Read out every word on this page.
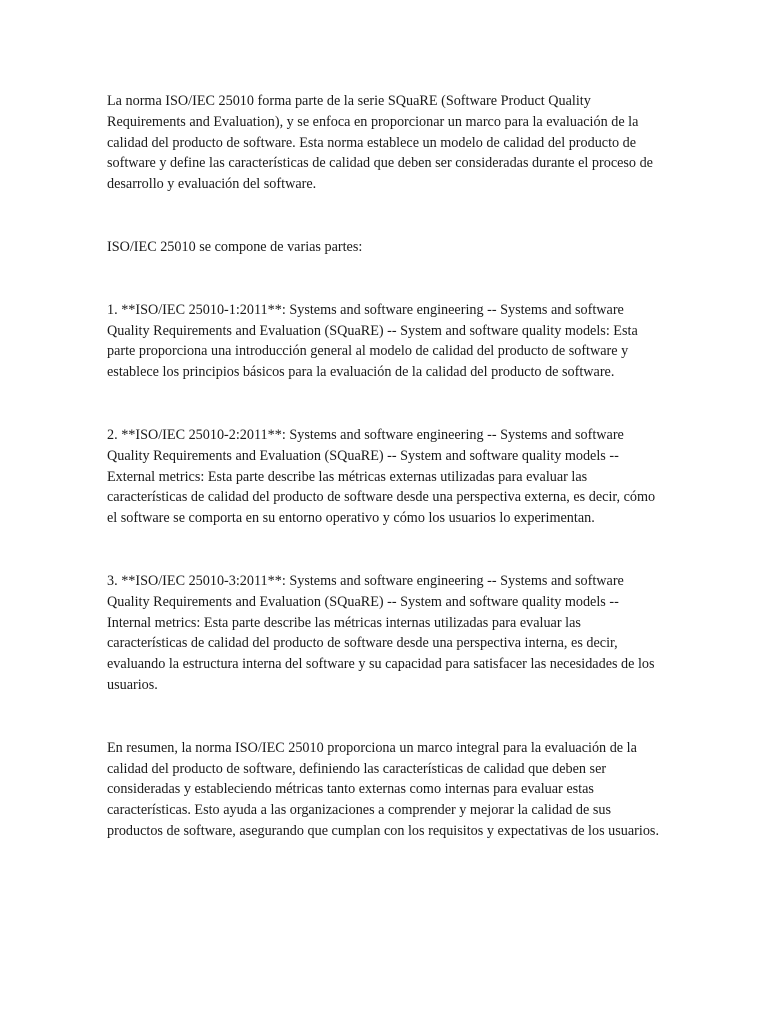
La norma ISO/IEC 25010 forma parte de la serie SQuaRE (Software Product Quality Requirements and Evaluation), y se enfoca en proporcionar un marco para la evaluación de la calidad del producto de software. Esta norma establece un modelo de calidad del producto de software y define las características de calidad que deben ser consideradas durante el proceso de desarrollo y evaluación del software.

ISO/IEC 25010 se compone de varias partes:

1. **ISO/IEC 25010-1:2011**: Systems and software engineering -- Systems and software Quality Requirements and Evaluation (SQuaRE) -- System and software quality models: Esta parte proporciona una introducción general al modelo de calidad del producto de software y establece los principios básicos para la evaluación de la calidad del producto de software.

2. **ISO/IEC 25010-2:2011**: Systems and software engineering -- Systems and software Quality Requirements and Evaluation (SQuaRE) -- System and software quality models -- External metrics: Esta parte describe las métricas externas utilizadas para evaluar las características de calidad del producto de software desde una perspectiva externa, es decir, cómo el software se comporta en su entorno operativo y cómo los usuarios lo experimentan.

3. **ISO/IEC 25010-3:2011**: Systems and software engineering -- Systems and software Quality Requirements and Evaluation (SQuaRE) -- System and software quality models -- Internal metrics: Esta parte describe las métricas internas utilizadas para evaluar las características de calidad del producto de software desde una perspectiva interna, es decir, evaluando la estructura interna del software y su capacidad para satisfacer las necesidades de los usuarios.

En resumen, la norma ISO/IEC 25010 proporciona un marco integral para la evaluación de la calidad del producto de software, definiendo las características de calidad que deben ser consideradas y estableciendo métricas tanto externas como internas para evaluar estas características. Esto ayuda a las organizaciones a comprender y mejorar la calidad de sus productos de software, asegurando que cumplan con los requisitos y expectativas de los usuarios.
